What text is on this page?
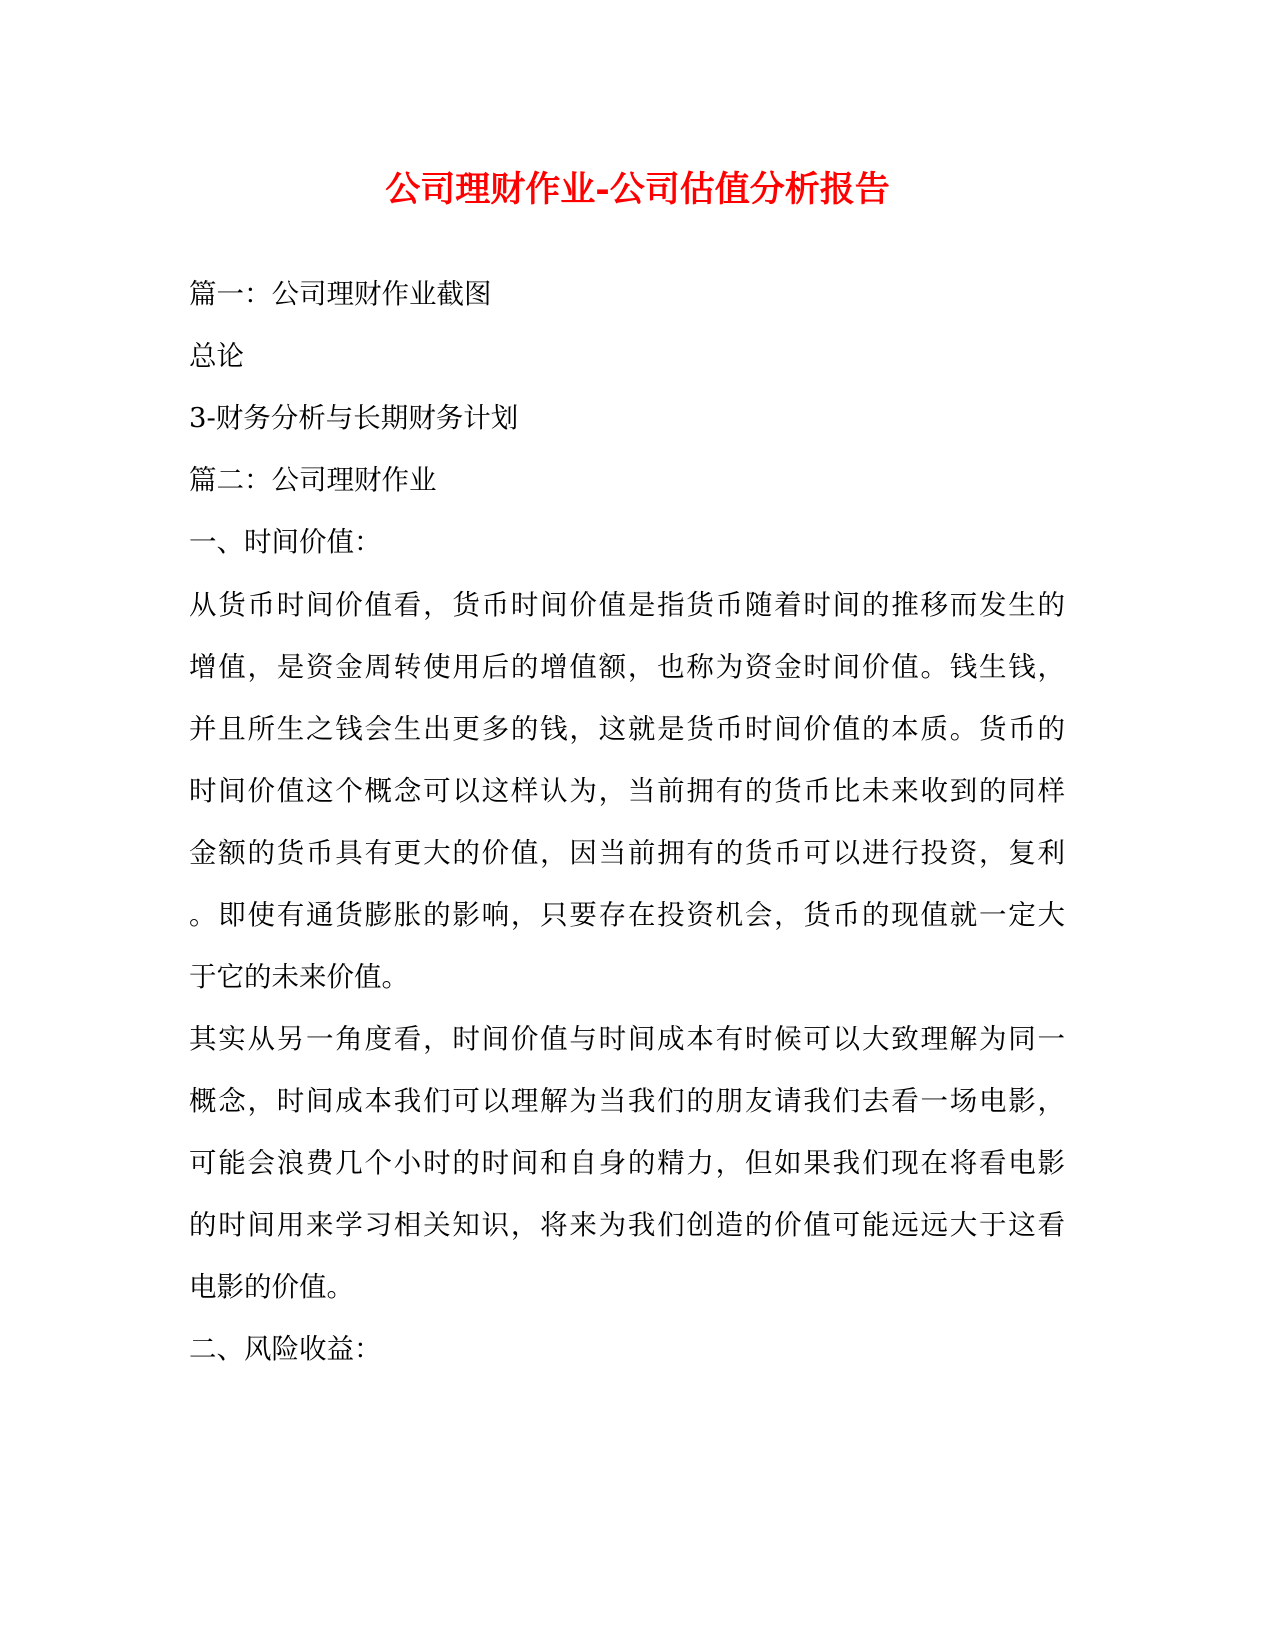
公司理财作业-公司估值分析报告
篇一：公司理财作业截图
总论
3-财务分析与长期财务计划
篇二：公司理财作业
一、时间价值：
从货币时间价值看，货币时间价值是指货币随着时间的推移而发生的
增值，是资金周转使用后的增值额，也称为资金时间价值。钱生钱，
并且所生之钱会生出更多的钱，这就是货币时间价值的本质。货币的
时间价值这个概念可以这样认为，当前拥有的货币比未来收到的同样
金额的货币具有更大的价值，因当前拥有的货币可以进行投资，复利
。即使有通货膨胀的影响，只要存在投资机会，货币的现值就一定大
于它的未来价值。
其实从另一角度看，时间价值与时间成本有时候可以大致理解为同一
概念，时间成本我们可以理解为当我们的朋友请我们去看一场电影，
可能会浪费几个小时的时间和自身的精力，但如果我们现在将看电影
的时间用来学习相关知识，将来为我们创造的价值可能远远大于这看
电影的价值。
二、风险收益：
